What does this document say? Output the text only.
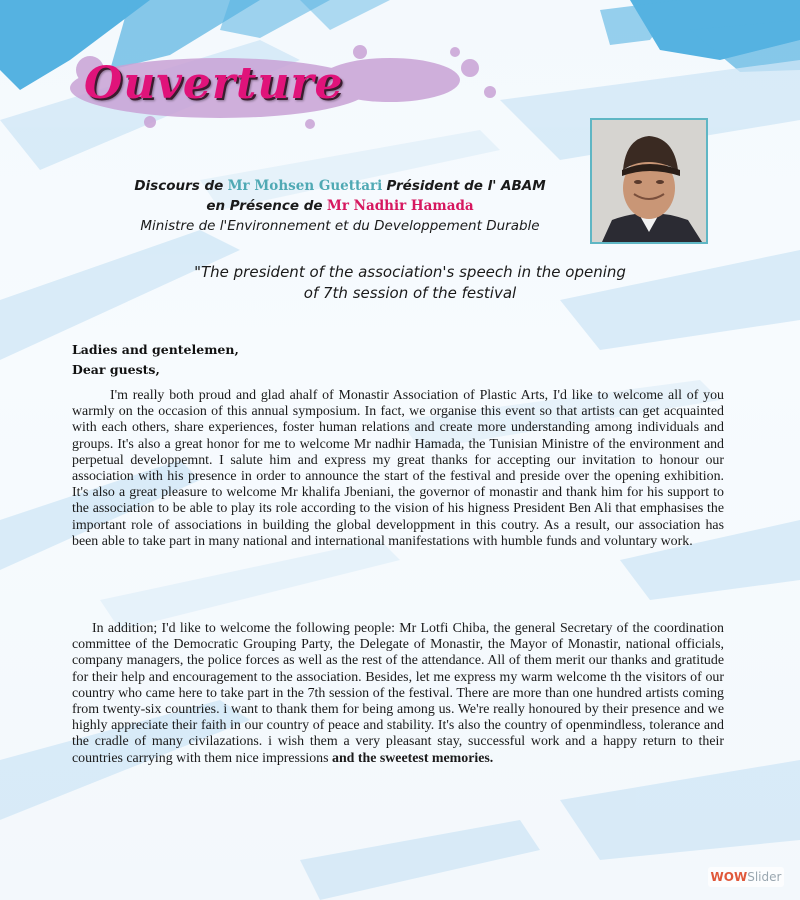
Ouverture
Discours de Mr Mohsen Guettari Président de l' ABAM
en Présence de Mr Nadhir Hamada
Ministre de l'Environnement et du Developpement Durable
"The president of the association's speech in the opening
of 7th session of the festival
Ladies and gentelemen,
Dear guests,
I'm really both proud and glad ahalf of Monastir Association of Plastic Arts, I'd like to welcome all of you warmly on the occasion of this annual symposium. In fact, we organise this event so that artists can get acquainted with each others, share experiences, foster human relations and create more understanding among individuals and groups. It's also a great honor for me to welcome Mr nadhir Hamada, the Tunisian Ministre of the environment and perpetual developpemnt. I salute him and express my great thanks for accepting our invitation to honour our association with his presence in order to announce the start of the festival and preside over the opening exhibition. It's also a great pleasure to welcome Mr khalifa Jbeniani, the governor of monastir and thank him for his support to the association to be able to play its role according to the vision of his higness President Ben Ali that emphasises the important role of associations in building the global developpment in this coutry. As a result, our association has been able to take part in many national and international manifestations with humble funds and voluntary work.
In addition; I'd like to welcome the following people: Mr Lotfi Chiba, the general Secretary of the coordination committee of the Democratic Grouping Party, the Delegate of Monastir, the Mayor of Monastir, national officials, company managers, the police forces as well as the rest of the attendance. All of them merit our thanks and gratitude for their help and encouragement to the association. Besides, let me express my warm welcome th the visitors of our country who came here to take part in the 7th session of the festival. There are more than one hundred artists coming from twenty-six countries. i want to thank them for being among us. We're really honoured by their presence and we highly appreciate their faith in our country of peace and stability. It's also the country of openmindless, tolerance and the cradle of many civilazations. i wish them a very pleasant stay, successful work and a happy return to their countries carrying with them nice impressions and the sweetest memories.
WOWSlider
